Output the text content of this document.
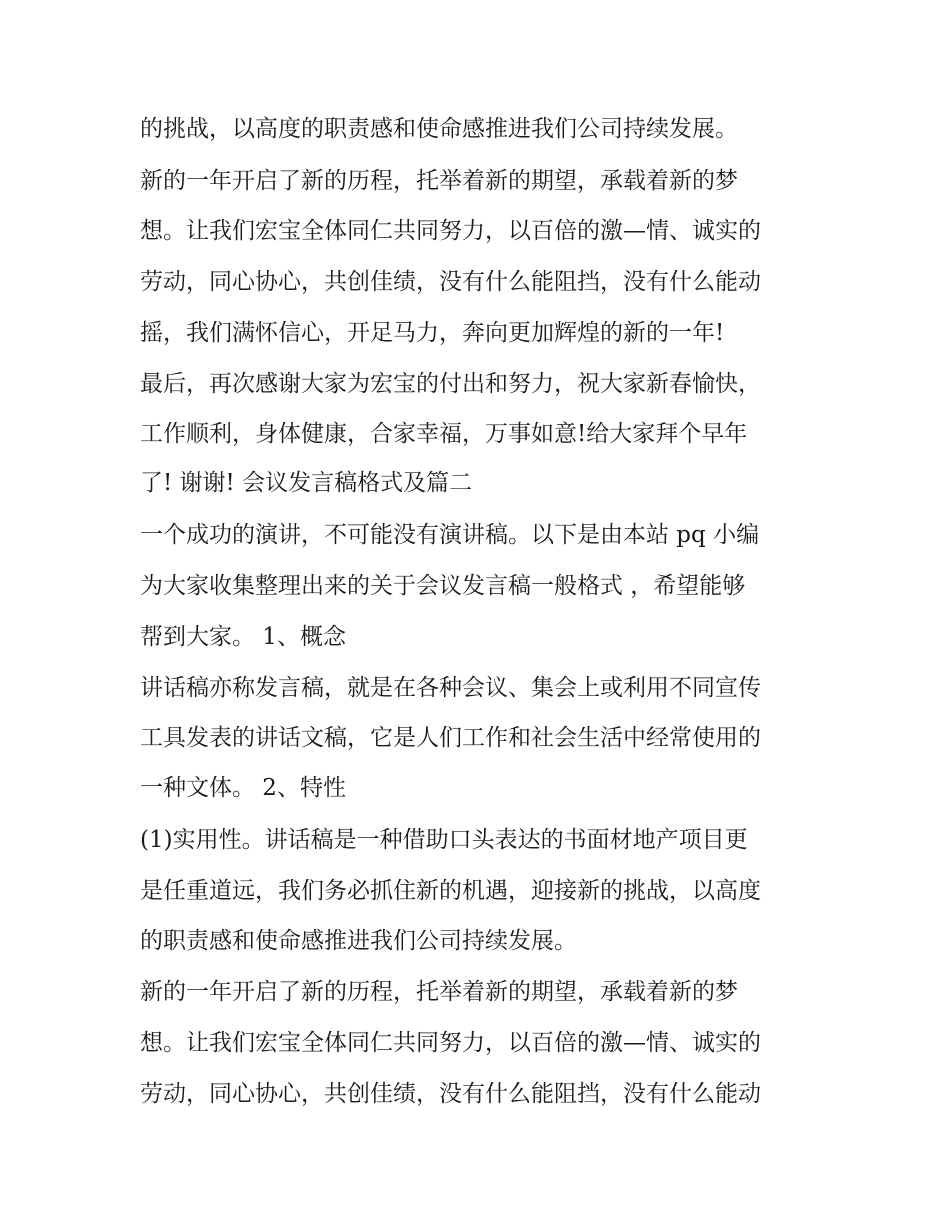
的挑战，以高度的职责感和使命感推进我们公司持续发展。
新的一年开启了新的历程，托举着新的期望，承载着新的梦
想。让我们宏宝全体同仁共同努力，以百倍的激—情、诚实的
劳动，同心协心，共创佳绩，没有什么能阻挡，没有什么能动
摇，我们满怀信心，开足马力，奔向更加辉煌的新的一年!
最后，再次感谢大家为宏宝的付出和努力，祝大家新春愉快，
工作顺利，身体健康，合家幸福，万事如意!给大家拜个早年
了! 谢谢! 会议发言稿格式及篇二
一个成功的演讲，不可能没有演讲稿。以下是由本站 pq 小编
为大家收集整理出来的关于会议发言稿一般格式 ，希望能够
帮到大家。 1、概念
讲话稿亦称发言稿，就是在各种会议、集会上或利用不同宣传
工具发表的讲话文稿，它是人们工作和社会生活中经常使用的
一种文体。 2、特性
(1)实用性。讲话稿是一种借助口头表达的书面材地产项目更
是任重道远，我们务必抓住新的机遇，迎接新的挑战，以高度
的职责感和使命感推进我们公司持续发展。
新的一年开启了新的历程，托举着新的期望，承载着新的梦
想。让我们宏宝全体同仁共同努力，以百倍的激—情、诚实的
劳动，同心协心，共创佳绩，没有什么能阻挡，没有什么能动
